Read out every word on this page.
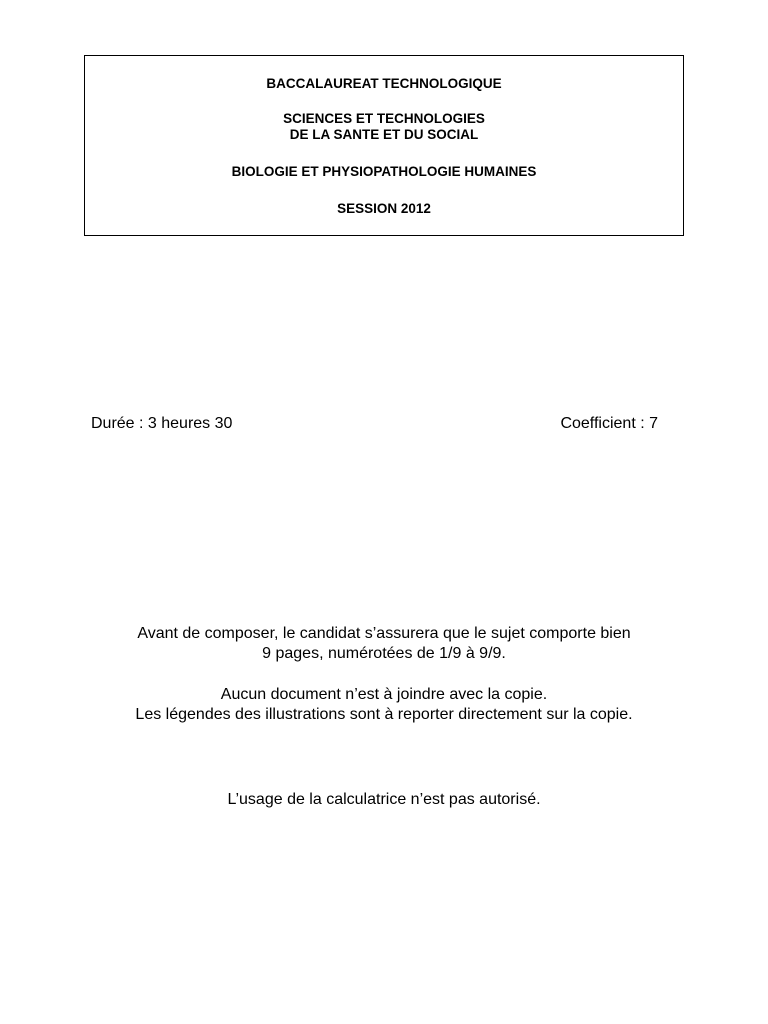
BACCALAUREAT TECHNOLOGIQUE
SCIENCES ET TECHNOLOGIES
DE LA SANTE ET DU SOCIAL
BIOLOGIE ET PHYSIOPATHOLOGIE HUMAINES
SESSION 2012
Durée : 3 heures 30	Coefficient : 7
Avant de composer, le candidat s’assurera que le sujet comporte bien
9 pages, numérotées de 1/9 à 9/9.
Aucun document n’est à joindre avec la copie.
Les légendes des illustrations sont à reporter directement sur la copie.
L’usage de la calculatrice n’est pas autorisé.
